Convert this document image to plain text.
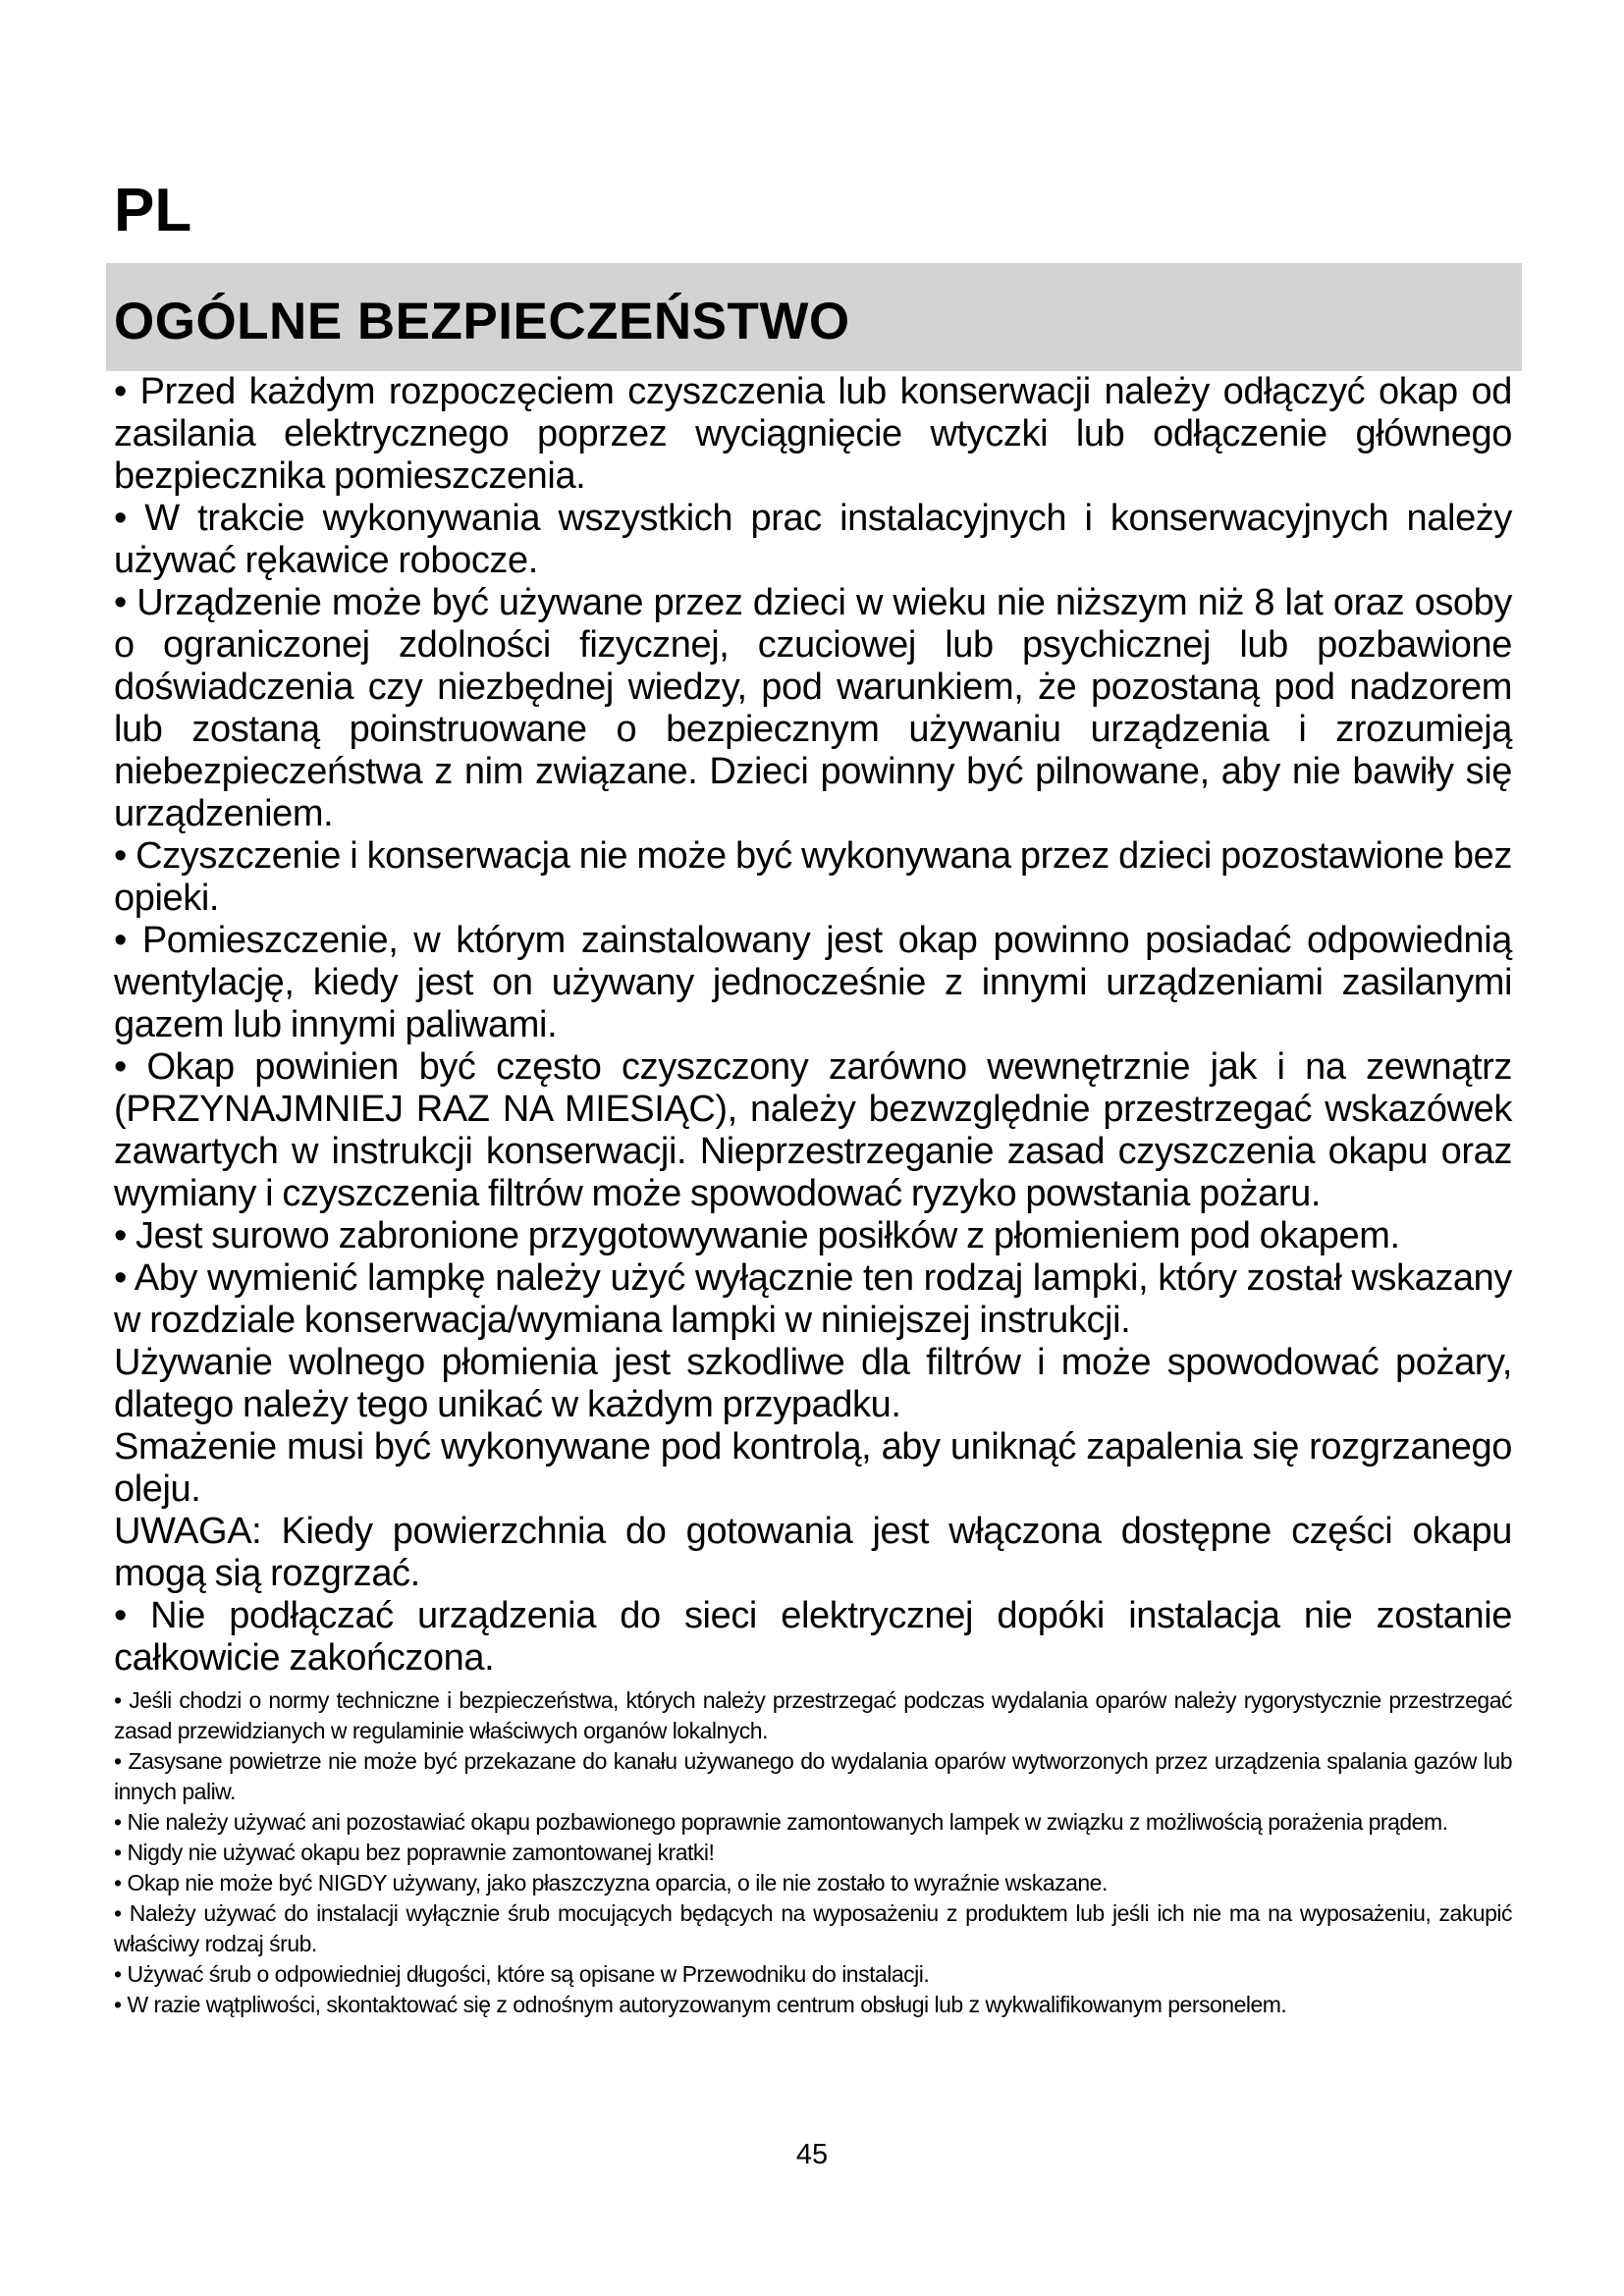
PL
OGÓLNE BEZPIECZEŃSTWO

• Przed każdym rozpoczęciem czyszczenia lub konserwacji należy odłączyć okap od zasilania elektrycznego poprzez wyciągnięcie wtyczki lub odłączenie głównego bezpiecznika pomieszczenia.

• W trakcie wykonywania wszystkich prac instalacyjnych i konserwacyjnych należy używać rękawice robocze.

• Urządzenie może być używane przez dzieci w wieku nie niższym niż 8 lat oraz osoby o ograniczonej zdolności fizycznej, czuciowej lub psychicznej lub pozbawione doświadczenia czy niezbędnej wiedzy, pod warunkiem, że pozostaną pod nadzorem lub zostaną poinstruowane o bezpiecznym używaniu urządzenia i zrozumieją niebezpieczeństwa z nim związane. Dzieci powinny być pilnowane, aby nie bawiły się urządzeniem.

• Czyszczenie i konserwacja nie może być wykonywana przez dzieci pozostawione bez opieki.

• Pomieszczenie, w którym zainstalowany jest okap powinno posiadać odpowiednią wentylację, kiedy jest on używany jednocześnie z innymi urządzeniami zasilanymi gazem lub innymi paliwami.

• Okap powinien być często czyszczony zarówno wewnętrznie jak i na zewnątrz (PRZYNAJMNIEJ RAZ NA MIESIĄC), należy bezwzględnie przestrzegać wskazówek zawartych w instrukcji konserwacji. Nieprzestrzeganie zasad czyszczenia okapu oraz wymiany i czyszczenia filtrów może spowodować ryzyko powstania pożaru.

• Jest surowo zabronione przygotowywanie posiłków z płomieniem pod okapem.

• Aby wymienić lampkę należy użyć wyłącznie ten rodzaj lampki, który został wskazany w rozdziale konserwacja/wymiana lampki w niniejszej instrukcji.

Używanie wolnego płomienia jest szkodliwe dla filtrów i może spowodować pożary, dlatego należy tego unikać w każdym przypadku.

Smażenie musi być wykonywane pod kontrolą, aby uniknąć zapalenia się rozgrzanego oleju.

UWAGA: Kiedy powierzchnia do gotowania jest włączona dostępne części okapu mogą sią rozgrzać.

• Nie podłączać urządzenia do sieci elektrycznej dopóki instalacja nie zostanie całkowicie zakończona.

• Jeśli chodzi o normy techniczne i bezpieczeństwa, których należy przestrzegać podczas wydalania oparów należy rygorystycznie przestrzegać zasad przewidzianych w regulaminie właściwych organów lokalnych.

• Zasysane powietrze nie może być przekazane do kanału używanego do wydalania oparów wytworzonych przez urządzenia spalania gazów lub innych paliw.

• Nie należy używać ani pozostawiać okapu pozbawionego poprawnie zamontowanych lampek w związku z możliwością porażenia prądem.

• Nigdy nie używać okapu bez poprawnie zamontowanej kratki!

• Okap nie może być NIGDY używany, jako płaszczyzna oparcia, o ile nie zostało to wyraźnie wskazane.

• Należy używać do instalacji wyłącznie śrub mocujących będących na wyposażeniu z produktem lub jeśli ich nie ma na wyposażeniu, zakupić właściwy rodzaj śrub.

• Używać śrub o odpowiedniej długości, które są opisane w Przewodniku do instalacji.

• W razie wątpliwości, skontaktować się z odnośnym autoryzowanym centrum obsługi lub z wykwalifikowanym personelem.

45
